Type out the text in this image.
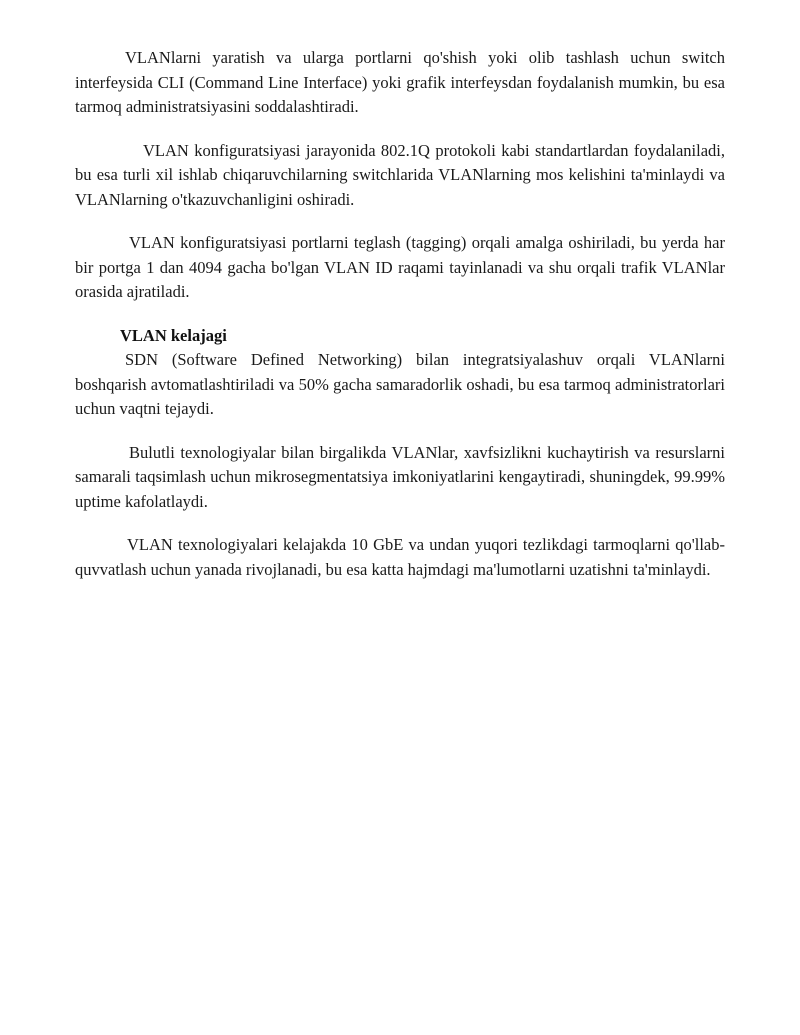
VLANlarni yaratish va ularga portlarni qo'shish yoki olib tashlash uchun switch interfeysida CLI (Command Line Interface) yoki grafik interfeysdan foydalanish mumkin, bu esa tarmoq administratsiyasini soddalashtiradi.

VLAN konfiguratsiyasi jarayonida 802.1Q protokoli kabi standartlardan foydalaniladi, bu esa turli xil ishlab chiqaruvchilarning switchlarida VLANlarning mos kelishini ta'minlaydi va VLANlarning o'tkazuvchanligini oshiradi.

VLAN konfiguratsiyasi portlarni teglash (tagging) orqali amalga oshiriladi, bu yerda har bir portga 1 dan 4094 gacha bo'lgan VLAN ID raqami tayinlanadi va shu orqali trafik VLANlar orasida ajratiladi.

VLAN kelajagi

SDN (Software Defined Networking) bilan integratsiyalashuv orqali VLANlarni boshqarish avtomatlashtiriladi va 50% gacha samaradorlik oshadi, bu esa tarmoq administratorlari uchun vaqtni tejaydi.

Bulutli texnologiyalar bilan birgalikda VLANlar, xavfsizlikni kuchaytirish va resurslarni samarali taqsimlash uchun mikrosegmentatsiya imkoniyatlarini kengaytiradi, shuningdek, 99.99% uptime kafolatlaydi.

VLAN texnologiyalari kelajakda 10 GbE va undan yuqori tezlikdagi tarmoqlarni qo'llab-quvvatlash uchun yanada rivojlanadi, bu esa katta hajmdagi ma'lumotlarni uzatishni ta'minlaydi.
